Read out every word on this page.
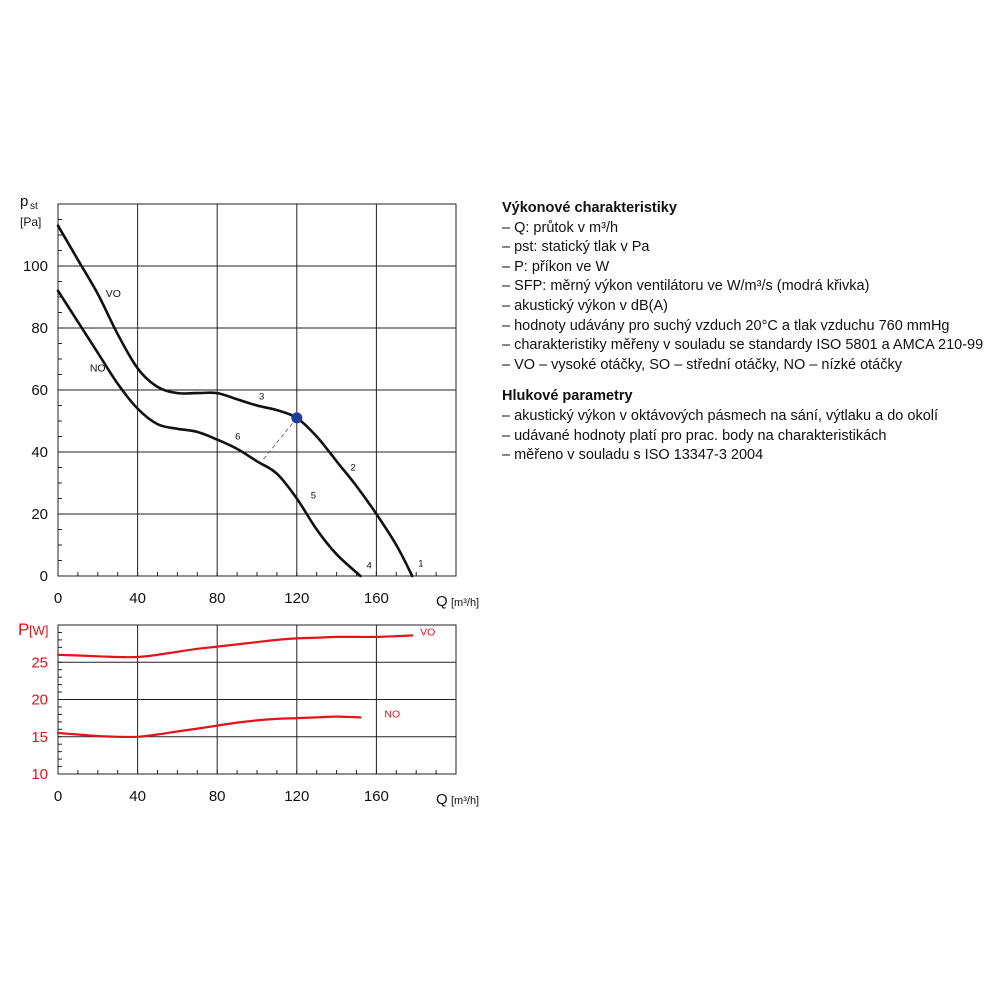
0
20
40
60
80
100
0	40	80	120	160
p st
[Pa]
Q [m³/h]
VO
NO
1
2
3
4
5
6
10
15
20
25
0	40	80	120	160
P [W]
Q [m³/h]
VO
NO
Výkonové charakteristiky
– Q: průtok v m³/h
– pst: statický tlak v Pa
– P: příkon ve W
– SFP: měrný výkon ventilátoru ve W/m³/s (modrá křivka)
– akustický výkon v dB(A)
– hodnoty udávány pro suchý vzduch 20°C a tlak vzduchu 760 mmHg
– charakteristiky měřeny v souladu se standardy ISO 5801 a AMCA 210-99
– VO – vysoké otáčky, SO – střední otáčky, NO – nízké otáčky
Hlukové parametry
– akustický výkon v oktávových pásmech na sání, výtlaku a do okolí
– udávané hodnoty platí pro prac. body na charakteristikách
– měřeno v souladu s ISO 13347-3 2004
